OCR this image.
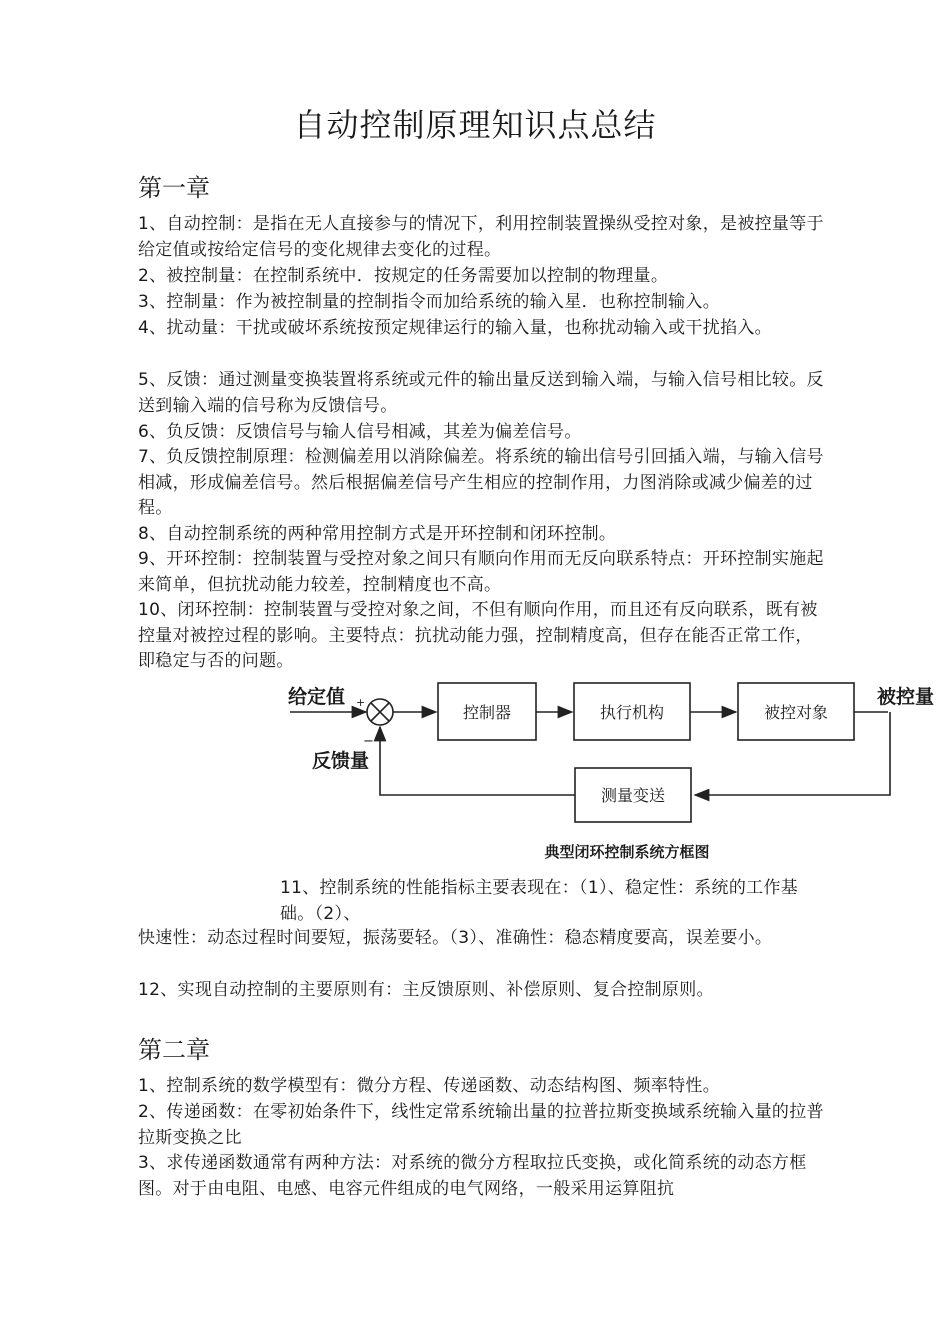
自动控制原理知识点总结
第一章

1、自动控制：是指在无人直接参与的情况下，利用控制装置操纵受控对象，是被控量等于给定值或按给定信号的变化规律去变化的过程。

2、被控制量：在控制系统中．按规定的任务需要加以控制的物理量。

3、控制量：作为被控制量的控制指令而加给系统的输入星．也称控制输入。

4、扰动量：干扰或破坏系统按预定规律运行的输入量，也称扰动输入或干扰掐入。

5、反馈：通过测量变换装置将系统或元件的输出量反送到输入端，与输入信号相比较。反送到输入端的信号称为反馈信号。

6、负反馈：反馈信号与输人信号相减，其差为偏差信号。

7、负反馈控制原理：检测偏差用以消除偏差。将系统的输出信号引回插入端，与输入信号相减，形成偏差信号。然后根据偏差信号产生相应的控制作用，力图消除或减少偏差的过程。

8、自动控制系统的两种常用控制方式是开环控制和闭环控制。

9、开环控制：控制装置与受控对象之间只有顺向作用而无反向联系特点：开环控制实施起来简单，但抗扰动能力较差，控制精度也不高。

10、闭环控制：控制装置与受控对象之间，不但有顺向作用，而且还有反向联系，既有被控量对被控过程的影响。主要特点：抗扰动能力强，控制精度高，但存在能否正常工作，即稳定与否的问题。

给定值 +
−
反馈量
被控量
控制器	执行机构	被控对象
测量变送
典型闭环控制系统方框图

11、控制系统的性能指标主要表现在：（1）、稳定性：系统的工作基础。（2）、

快速性：动态过程时间要短，振荡要轻。（3）、准确性：稳态精度要高，误差要小。

12、实现自动控制的主要原则有：主反馈原则、补偿原则、复合控制原则。

第二章

1、控制系统的数学模型有：微分方程、传递函数、动态结构图、频率特性。

2、传递函数：在零初始条件下，线性定常系统输出量的拉普拉斯变换域系统输入量的拉普拉斯变换之比

3、求传递函数通常有两种方法：对系统的微分方程取拉氏变换，或化简系统的动态方框图。对于由电阻、电感、电容元件组成的电气网络，一般采用运算阻抗
